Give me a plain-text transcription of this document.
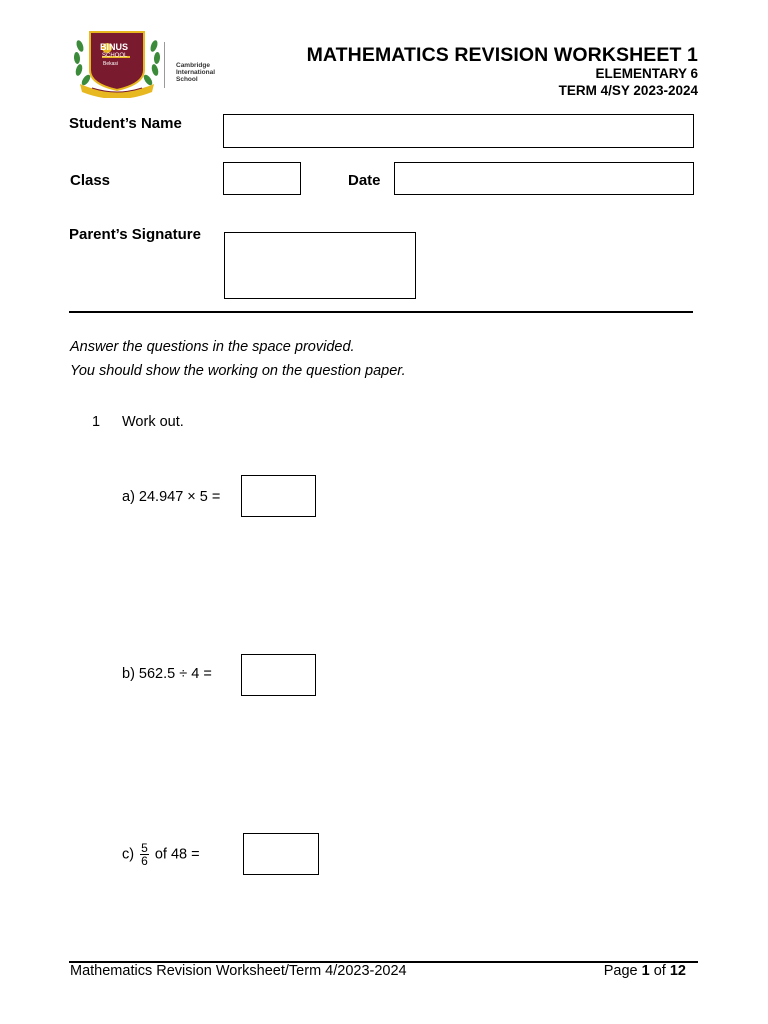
BINUS
SCHOOL
Bekasi	Cambridge
International
School
MATHEMATICS REVISION WORKSHEET 1
ELEMENTARY 6
TERM 4/SY 2023-2024
Student’s Name
Class	Date
Parent’s Signature
Answer the questions in the space provided.
You should show the working on the question paper.
1 Work out.
a) 24.947 × 5 =
b) 562.5 ÷ 4 =
$c) \frac{5}{6}$ of 48 =
Mathematics Revision Worksheet/Term 4/2023-2024	Page 1 of 12
